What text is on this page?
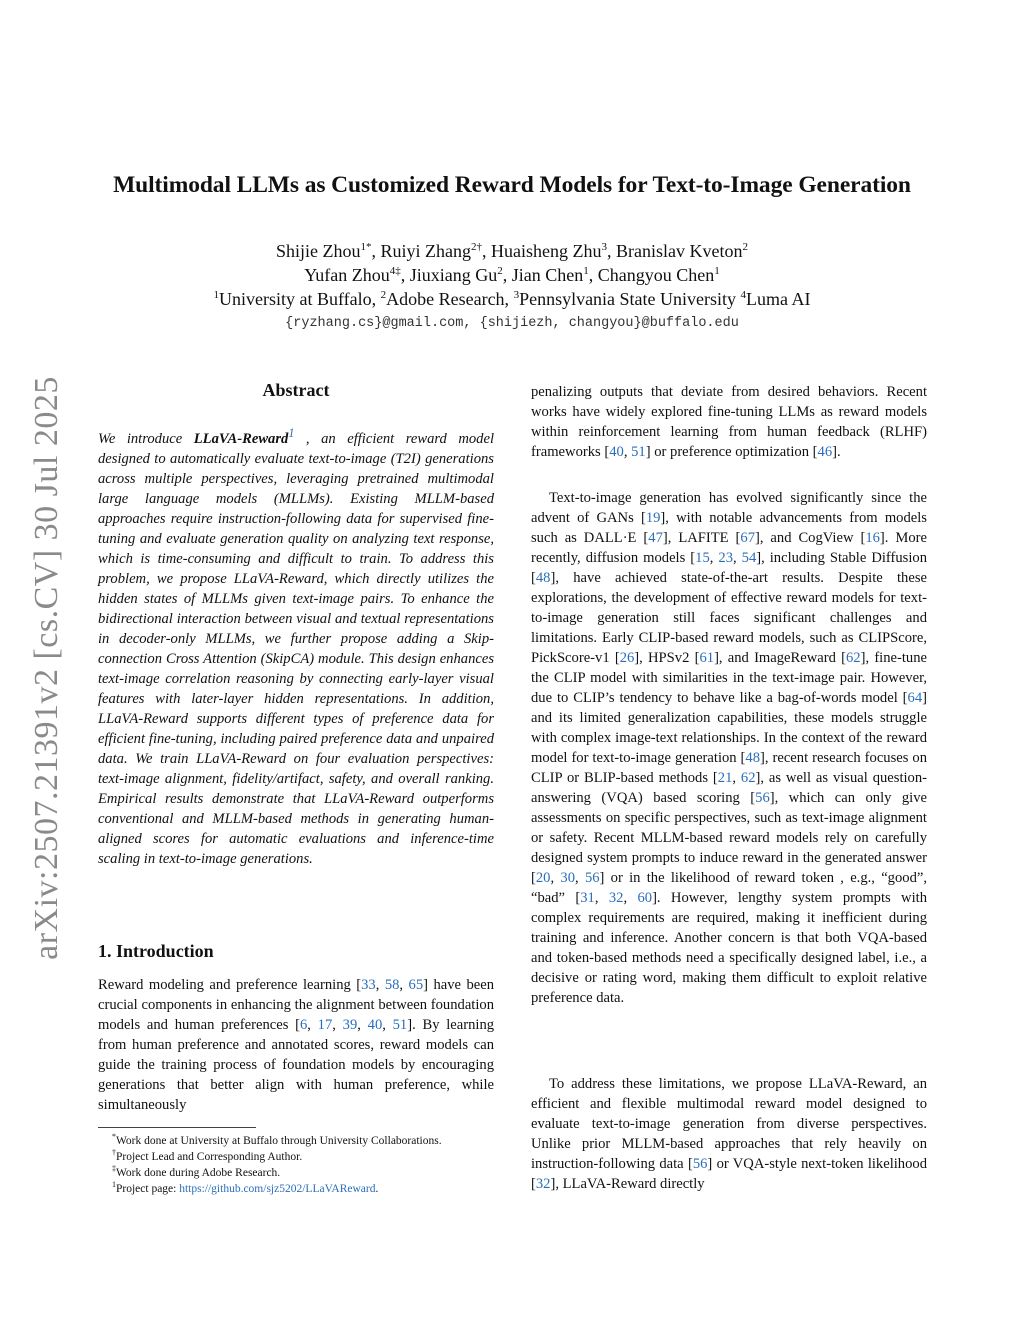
arXiv:2507.21391v2 [cs.CV] 30 Jul 2025
Multimodal LLMs as Customized Reward Models for Text-to-Image Generation
Shijie Zhou$^{1*}$, Ruiyi Zhang$^{2\dagger}$, Huaisheng Zhu$^3$, Branislav Kveton$^2$
Yufan Zhou$^{4\ddagger}$, Jiuxiang Gu$^2$, Jian Chen$^1$, Changyou Chen$^1$
$^1$University at Buffalo, $^2$Adobe Research, $^3$Pennsylvania State University $^4$Luma AI
{ryzhang.cs}@gmail.com, {shijiezh, changyou}@buffalo.edu
Abstract
We introduce LLaVA-Reward$^1$ , an efficient reward model designed to automatically evaluate text-to-image (T2I) generations across multiple perspectives, leveraging pretrained multimodal large language models (MLLMs). Existing MLLM-based approaches require instruction-following data for supervised fine-tuning and evaluate generation quality on analyzing text response, which is time-consuming and difficult to train. To address this problem, we propose LLaVA-Reward, which directly utilizes the hidden states of MLLMs given text-image pairs. To enhance the bidirectional interaction between visual and textual representations in decoder-only MLLMs, we further propose adding a Skip-connection Cross Attention (SkipCA) module. This design enhances text-image correlation reasoning by connecting early-layer visual features with later-layer hidden representations. In addition, LLaVA-Reward supports different types of preference data for efficient fine-tuning, including paired preference data and unpaired data. We train LLaVA-Reward on four evaluation perspectives: text-image alignment, fidelity/artifact, safety, and overall ranking. Empirical results demonstrate that LLaVA-Reward outperforms conventional and MLLM-based methods in generating human-aligned scores for automatic evaluations and inference-time scaling in text-to-image generations.
1. Introduction
Reward modeling and preference learning [33, 58, 65] have been crucial components in enhancing the alignment between foundation models and human preferences [6, 17, 39, 40, 51]. By learning from human preference and annotated scores, reward models can guide the training process of foundation models by encouraging generations that better align with human preference, while simultaneously
*Work done at University at Buffalo through University Collaborations.
†Project Lead and Corresponding Author.
‡Work done during Adobe Research.
$^1$Project page: https://github.com/sjz5202/LLaVAReward.

penalizing outputs that deviate from desired behaviors. Recent works have widely explored fine-tuning LLMs as reward models within reinforcement learning from human feedback (RLHF) frameworks [40, 51] or preference optimization [46].

Text-to-image generation has evolved significantly since the advent of GANs [19], with notable advancements from models such as DALL·E [47], LAFITE [67], and CogView [16]. More recently, diffusion models [15, 23, 54], including Stable Diffusion [48], have achieved state-of-the-art results. Despite these explorations, the development of effective reward models for text-to-image generation still faces significant challenges and limitations. Early CLIP-based reward models, such as CLIPScore, PickScore-v1 [26], HPSv2 [61], and ImageReward [62], fine-tune the CLIP model with similarities in the text-image pair. However, due to CLIP’s tendency to behave like a bag-of-words model [64] and its limited generalization capabilities, these models struggle with complex image-text relationships. In the context of the reward model for text-to-image generation [48], recent research focuses on CLIP or BLIP-based methods [21, 62], as well as visual question-answering (VQA) based scoring [56], which can only give assessments on specific perspectives, such as text-image alignment or safety. Recent MLLM-based reward models rely on carefully designed system prompts to induce reward in the generated answer [20, 30, 56] or in the likelihood of reward token , e.g., “good”, “bad” [31, 32, 60]. However, lengthy system prompts with complex requirements are required, making it inefficient during training and inference. Another concern is that both VQA-based and token-based methods need a specifically designed label, i.e., a decisive or rating word, making them difficult to exploit relative preference data.

To address these limitations, we propose LLaVA-Reward, an efficient and flexible multimodal reward model designed to evaluate text-to-image generation from diverse perspectives. Unlike prior MLLM-based approaches that rely heavily on instruction-following data [56] or VQA-style next-token likelihood [32], LLaVA-Reward directly
